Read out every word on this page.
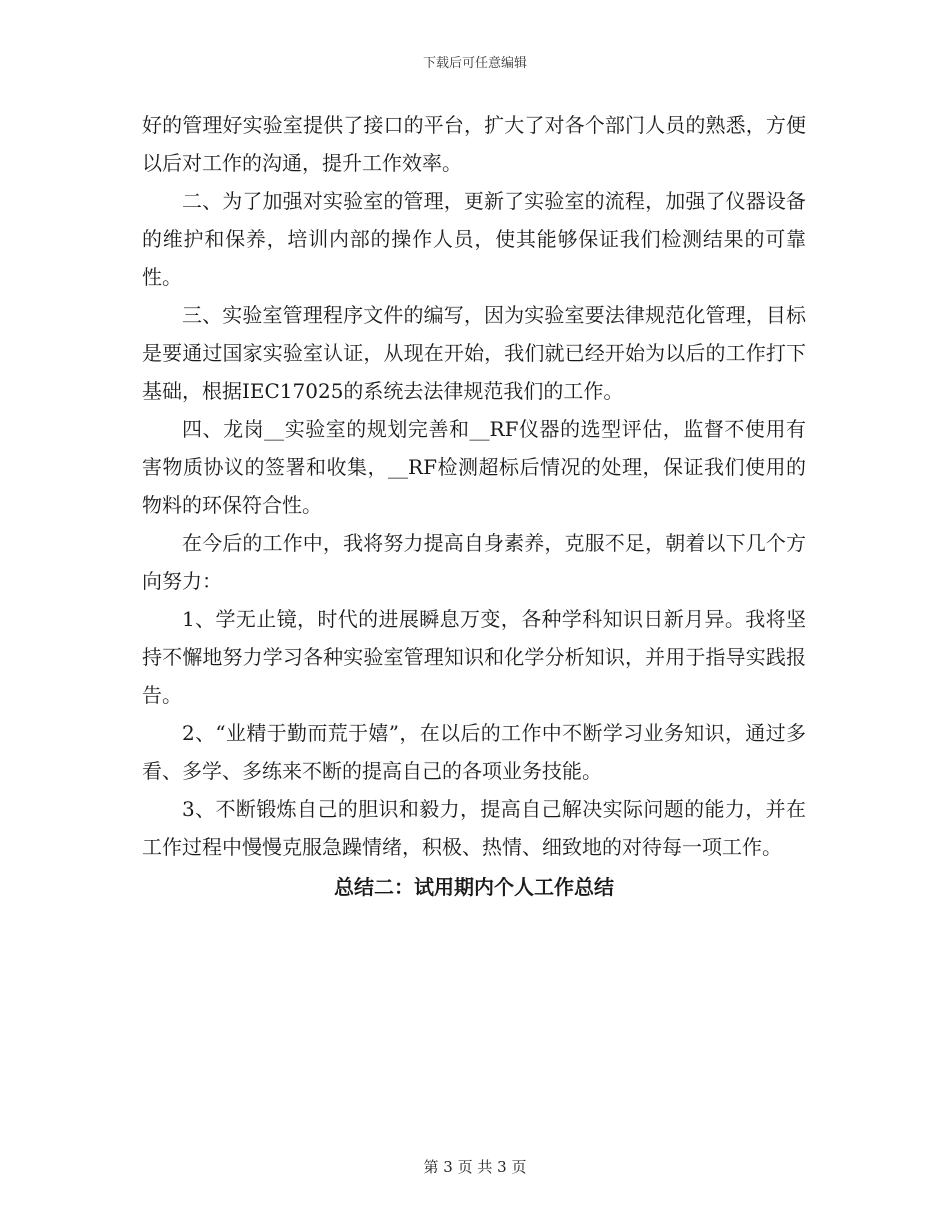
下载后可任意编辑

好的管理好实验室提供了接口的平台，扩大了对各个部门人员的熟悉，方便以后对工作的沟通，提升工作效率。

二、为了加强对实验室的管理，更新了实验室的流程，加强了仪器设备的维护和保养，培训内部的操作人员，使其能够保证我们检测结果的可靠性。

三、实验室管理程序文件的编写，因为实验室要法律规范化管理，目标是要通过国家实验室认证，从现在开始，我们就已经开始为以后的工作打下基础，根据IEC17025的系统去法律规范我们的工作。

四、龙岗__实验室的规划完善和__RF仪器的选型评估，监督不使用有害物质协议的签署和收集，__RF检测超标后情况的处理，保证我们使用的物料的环保符合性。

在今后的工作中，我将努力提高自身素养，克服不足，朝着以下几个方向努力：

1、学无止镜，时代的进展瞬息万变，各种学科知识日新月异。我将坚持不懈地努力学习各种实验室管理知识和化学分析知识，并用于指导实践报告。

2、“业精于勤而荒于嬉”，在以后的工作中不断学习业务知识，通过多看、多学、多练来不断的提高自己的各项业务技能。

3、不断锻炼自己的胆识和毅力，提高自己解决实际问题的能力，并在工作过程中慢慢克服急躁情绪，积极、热情、细致地的对待每一项工作。

总结二：试用期内个人工作总结
第 3 页 共 3 页
